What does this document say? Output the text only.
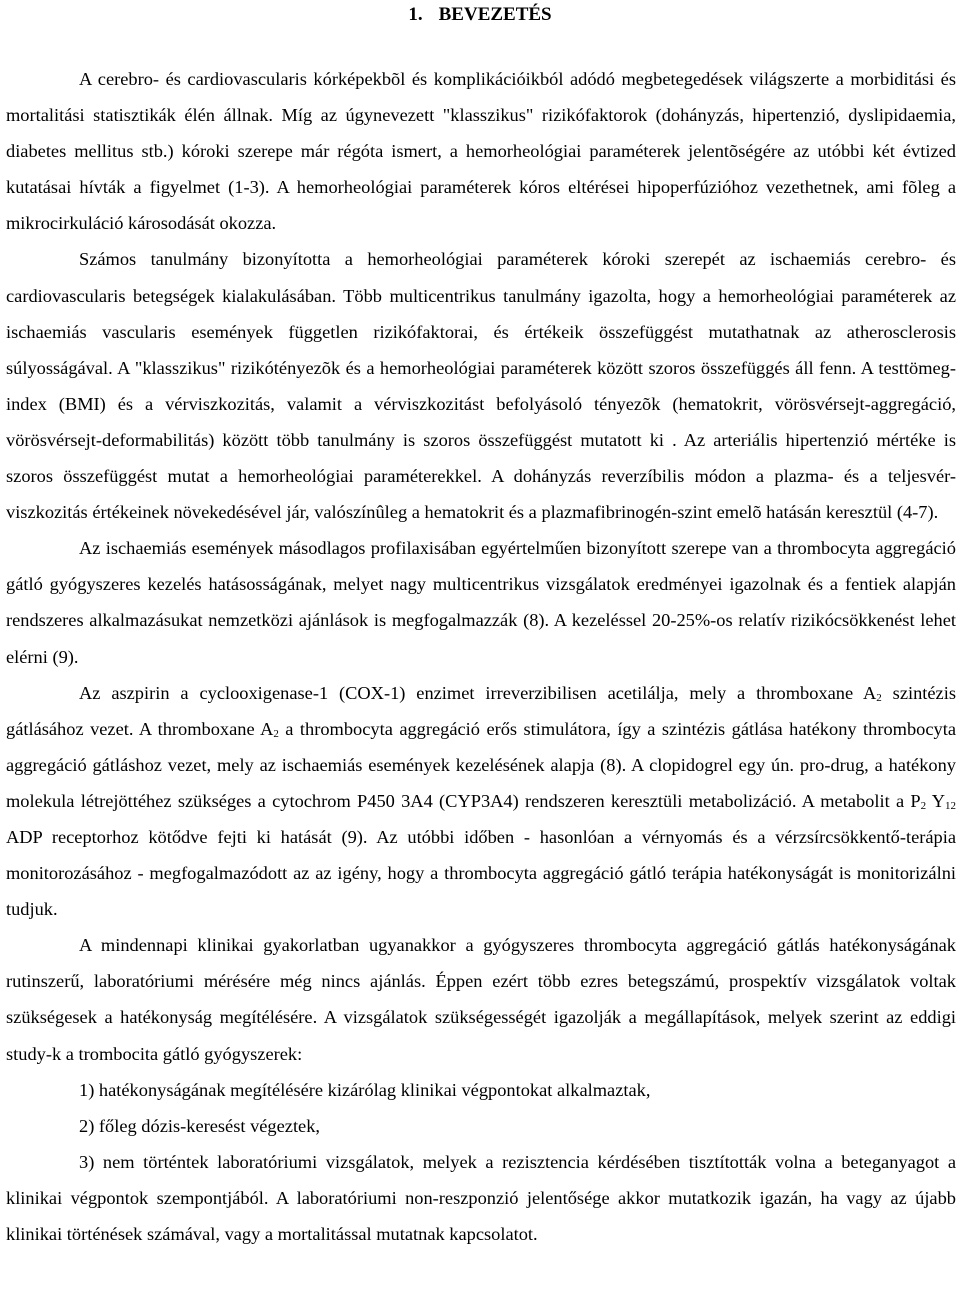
1. BEVEZETÉS

A cerebro- és cardiovascularis kórképekbõl és komplikációikból adódó megbetegedések világszerte a morbiditási és mortalitási statisztikák élén állnak. Míg az úgynevezett "klasszikus" rizikófaktorok (dohányzás, hipertenzió, dyslipidaemia, diabetes mellitus stb.) kóroki szerepe már régóta ismert, a hemorheológiai paraméterek jelentõségére az utóbbi két évtized kutatásai hívták a figyelmet (1-3). A hemorheológiai paraméterek kóros eltérései hipoperfúzióhoz vezethetnek, ami fõleg a mikrocirkuláció károsodását okozza.

Számos tanulmány bizonyította a hemorheológiai paraméterek kóroki szerepét az ischaemiás cerebro- és cardiovascularis betegségek kialakulásában. Több multicentrikus tanulmány igazolta, hogy a hemorheológiai paraméterek az ischaemiás vascularis események független rizikófaktorai, és értékeik összefüggést mutathatnak az atherosclerosis súlyosságával. A "klasszikus" rizikótényezõk és a hemorheológiai paraméterek között szoros összefüggés áll fenn. A testtömeg-index (BMI) és a vérviszkozitás, valamit a vérviszkozitást befolyásoló tényezõk (hematokrit, vörösvérsejt-aggregáció, vörösvérsejt-deformabilitás) között több tanulmány is szoros összefüggést mutatott ki . Az arteriális hipertenzió mértéke is szoros összefüggést mutat a hemorheológiai paraméterekkel. A dohányzás reverzíbilis módon a plazma- és a teljesvér-viszkozitás értékeinek növekedésével jár, valószínûleg a hematokrit és a plazmafibrinogén-szint emelõ hatásán keresztül (4-7).

Az ischaemiás események másodlagos profilaxisában egyértelműen bizonyított szerepe van a thrombocyta aggregáció gátló gyógyszeres kezelés hatásosságának, melyet nagy multicentrikus vizsgálatok eredményei igazolnak és a fentiek alapján rendszeres alkalmazásukat nemzetközi ajánlások is megfogalmazzák (8). A kezeléssel 20-25%-os relatív rizikócsökkenést lehet elérni (9).

Az aszpirin a cyclooxigenase-1 (COX-1) enzimet irreverzibilisen acetilálja, mely a thromboxane $A_2$ szintézis gátlásához vezet. A thromboxane $A_2$ a thrombocyta aggregáció erős stimulátora, így a szintézis gátlása hatékony thrombocyta aggregáció gátláshoz vezet, mely az ischaemiás események kezelésének alapja (8). A clopidogrel egy ún. pro-drug, a hatékony molekula létrejöttéhez szükséges a cytochrom P450 3A4 (CYP3A4) rendszeren keresztüli metabolizáció. A metabolit a $P_2$ $Y_{12}$ ADP receptorhoz kötődve fejti ki hatását (9). Az utóbbi időben - hasonlóan a vérnyomás és a vérzsírcsökkentő-terápia monitorozásához - megfogalmazódott az az igény, hogy a thrombocyta aggregáció gátló terápia hatékonyságát is monitorizálni tudjuk.

A mindennapi klinikai gyakorlatban ugyanakkor a gyógyszeres thrombocyta aggregáció gátlás hatékonyságának rutinszerű, laboratóriumi mérésére még nincs ajánlás. Éppen ezért több ezres betegszámú, prospektív vizsgálatok voltak szükségesek a hatékonyság megítélésére. A vizsgálatok szükségességét igazolják a megállapítások, melyek szerint az eddigi study-k a trombocita gátló gyógyszerek:

1) hatékonyságának megítélésére kizárólag klinikai végpontokat alkalmaztak,

2) főleg dózis-keresést végeztek,

3) nem történtek laboratóriumi vizsgálatok, melyek a rezisztencia kérdésében tisztították volna a beteganyagot a klinikai végpontok szempontjából. A laboratóriumi non-reszponzió jelentősége akkor mutatkozik igazán, ha vagy az újabb klinikai történések számával, vagy a mortalitással mutatnak kapcsolatot.
